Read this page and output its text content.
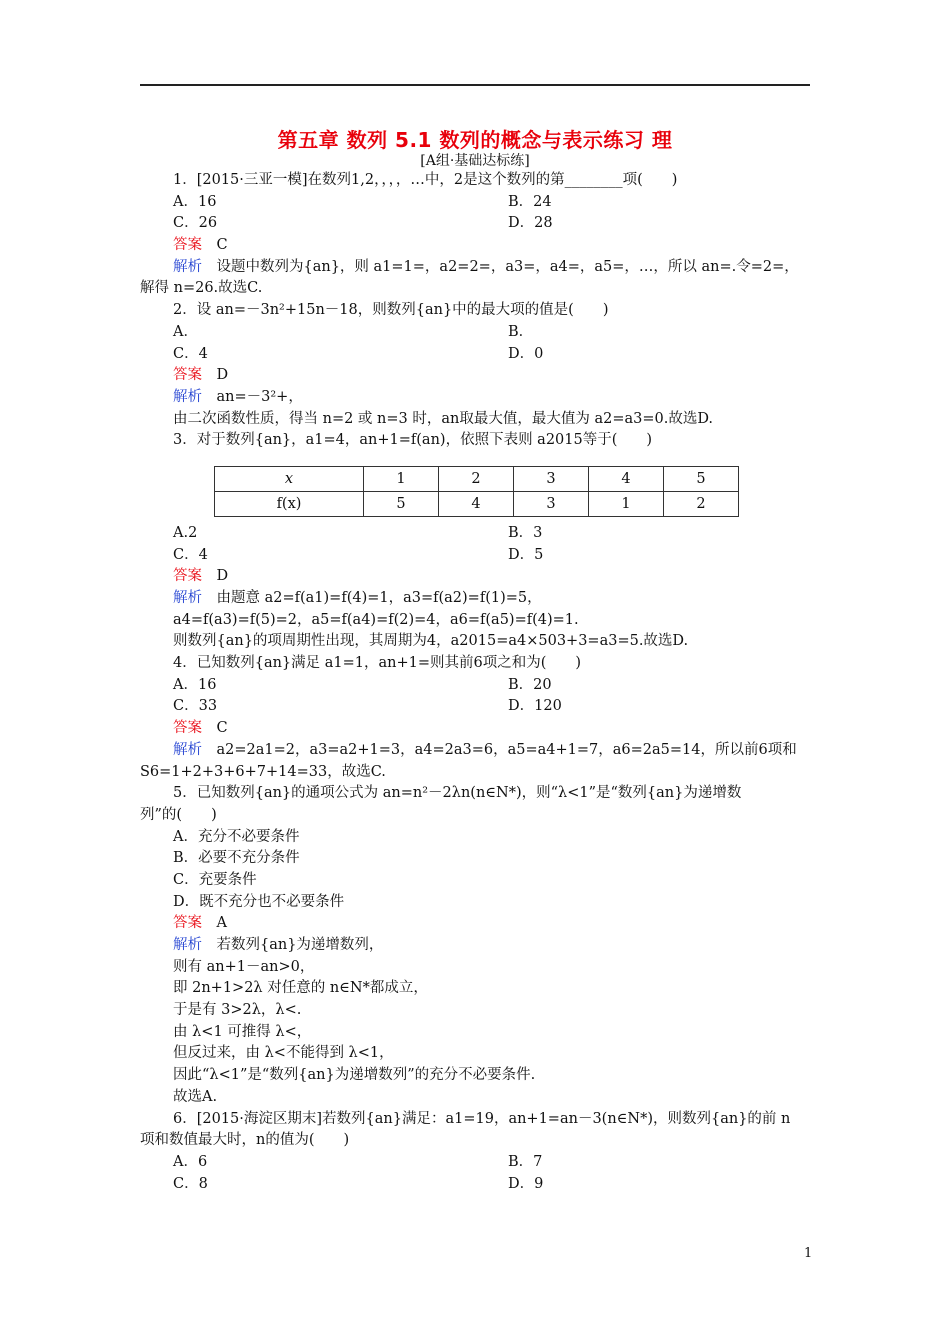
第五章 数列 5.1 数列的概念与表示练习 理
[A组·基础达标练]
1．[2015·三亚一模]在数列1,2，，，，…中，2是这个数列的第________项(　　)
A．16	B．24
C．26	D．28
答案　 C
解析　 设题中数列为{an}，则 a1=1=，a2=2=，a3=，a4=，a5=，…，所以 an=.令=2=，
解得 n=26.故选C.
2．设 an=－3n²+15n－18，则数列{an}中的最大项的值是(　　)
A．	B．
C．4	D．0
答案　 D
解析　 an=－3²+，
由二次函数性质，得当 n=2 或 n=3 时，an取最大值，最大值为 a2=a3=0.故选D.
3．对于数列{an}，a1=4，an+1=f(an)，依照下表则 a2015等于(　　)
x	1	2	3	4	5
f(x)	5	4	3	1	2
A.2	B．3
C．4	D．5
答案　 D
解析　 由题意 a2=f(a1)=f(4)=1，a3=f(a2)=f(1)=5，
a4=f(a3)=f(5)=2，a5=f(a4)=f(2)=4，a6=f(a5)=f(4)=1.
则数列{an}的项周期性出现，其周期为4，a2015=a4×503+3=a3=5.故选D.
4．已知数列{an}满足 a1=1，an+1=则其前6项之和为(　　)
A．16	B．20
C．33	D．120
答案　 C
解析　 a2=2a1=2，a3=a2+1=3，a4=2a3=6，a5=a4+1=7，a6=2a5=14，所以前6项和
S6=1+2+3+6+7+14=33，故选C.
5．已知数列{an}的通项公式为 an=n²－2λn(n∈N*)，则“λ<1”是“数列{an}为递增数
列”的(　　)
A．充分不必要条件
B．必要不充分条件
C．充要条件
D．既不充分也不必要条件
答案　 A
解析　 若数列{an}为递增数列，
则有 an+1－an>0，
即 2n+1>2λ 对任意的 n∈N*都成立，
于是有 3>2λ，λ<.
由 λ<1 可推得 λ<，
但反过来，由 λ<不能得到 λ<1，
因此“λ<1”是“数列{an}为递增数列”的充分不必要条件.
故选A.
6．[2015·海淀区期末]若数列{an}满足：a1=19，an+1=an－3(n∈N*)，则数列{an}的前 n
项和数值最大时，n的值为(　　)
A．6	B．7
C．8	D．9
1
